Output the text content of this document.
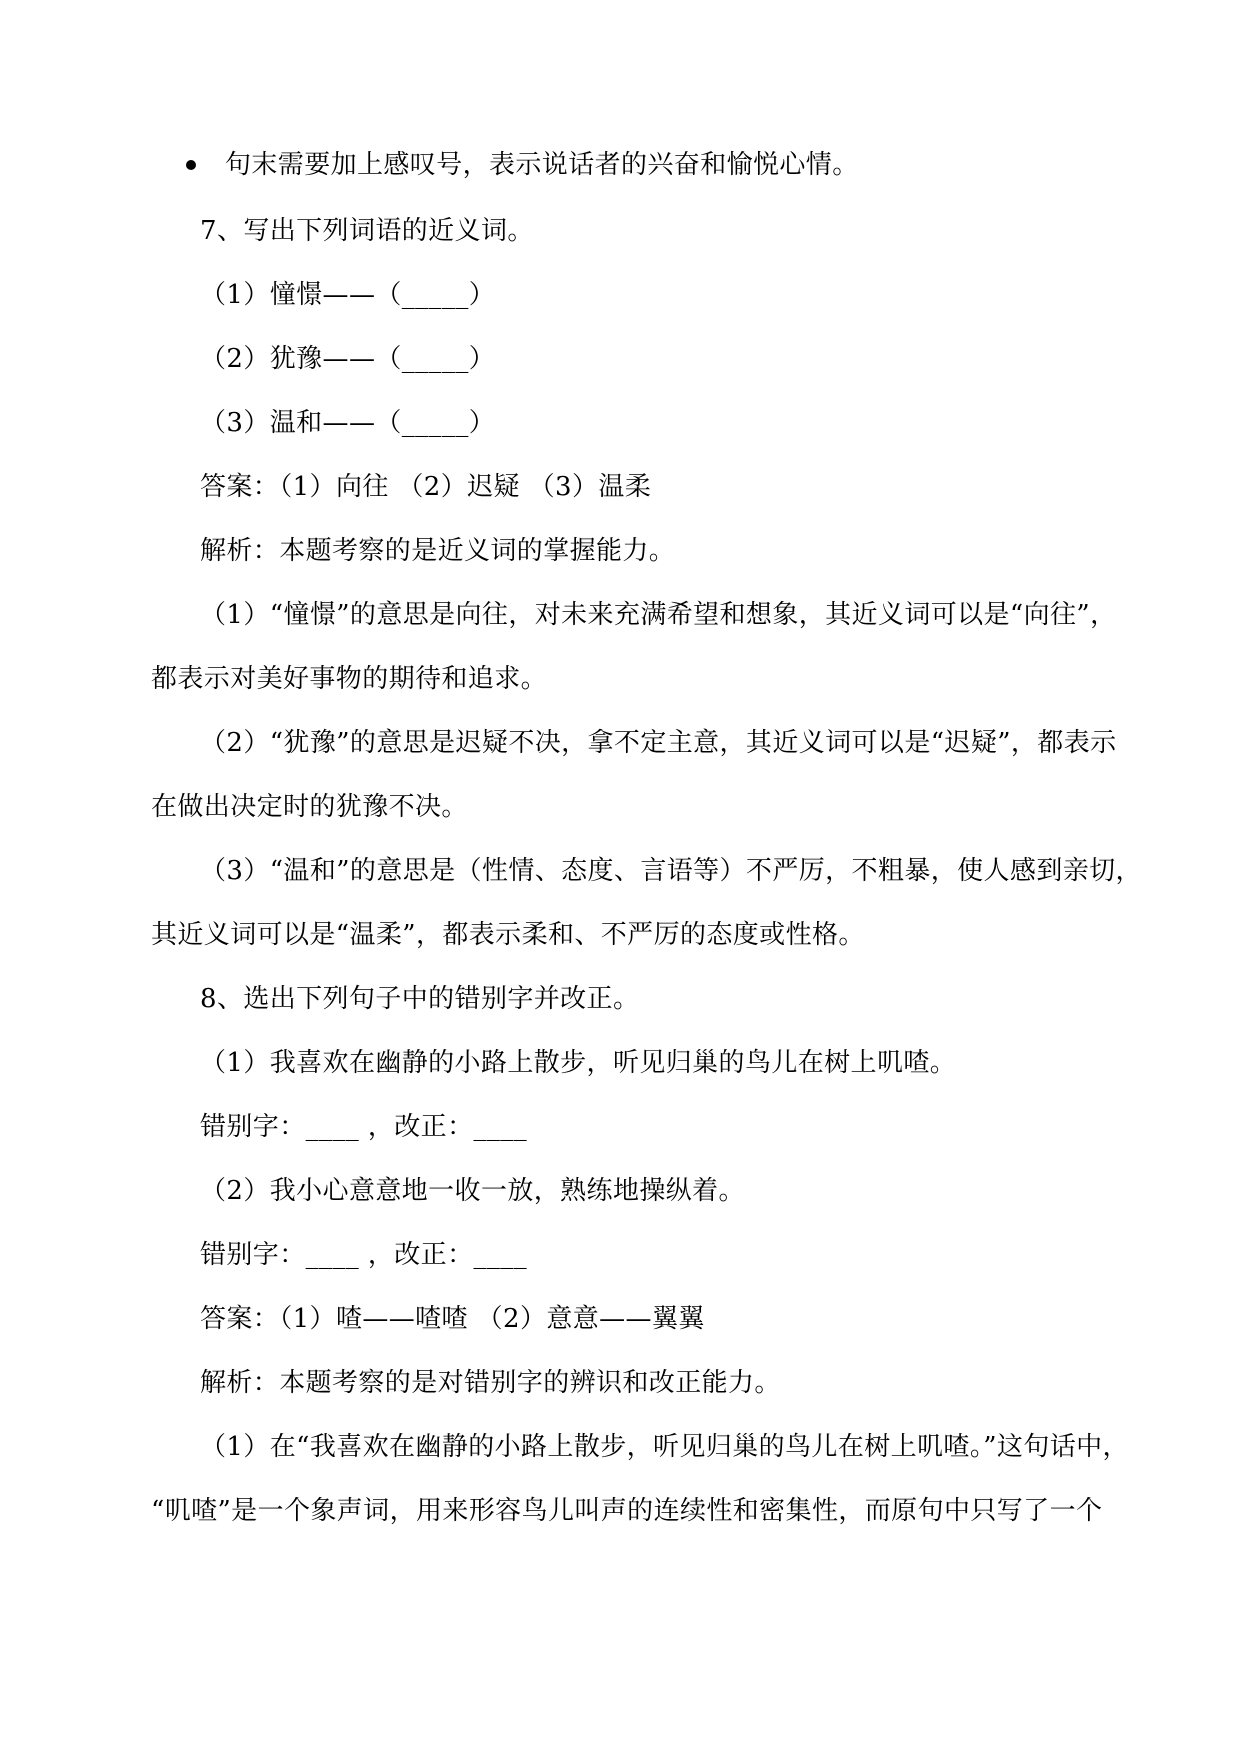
句末需要加上感叹号，表示说话者的兴奋和愉悦心情。
7、写出下列词语的近义词。
（1）憧憬——（_____）
（2）犹豫——（_____）
（3）温和——（_____）
答案：（1）向往 （2）迟疑 （3）温柔
解析：本题考察的是近义词的掌握能力。
（1）“憧憬”的意思是向往，对未来充满希望和想象，其近义词可以是“向往”，
都表示对美好事物的期待和追求。
（2）“犹豫”的意思是迟疑不决，拿不定主意，其近义词可以是“迟疑”，都表示
在做出决定时的犹豫不决。
（3）“温和”的意思是（性情、态度、言语等）不严厉，不粗暴，使人感到亲切，
其近义词可以是“温柔”，都表示柔和、不严厉的态度或性格。
8、选出下列句子中的错别字并改正。
（1）我喜欢在幽静的小路上散步，听见归巢的鸟儿在树上叽喳。
错别字：____ ，改正：____
（2）我小心意意地一收一放，熟练地操纵着。
错别字：____ ，改正：____
答案：（1）喳——喳喳 （2）意意——翼翼
解析：本题考察的是对错别字的辨识和改正能力。
（1）在“我喜欢在幽静的小路上散步，听见归巢的鸟儿在树上叽喳。”这句话中，
“叽喳”是一个象声词，用来形容鸟儿叫声的连续性和密集性，而原句中只写了一个
